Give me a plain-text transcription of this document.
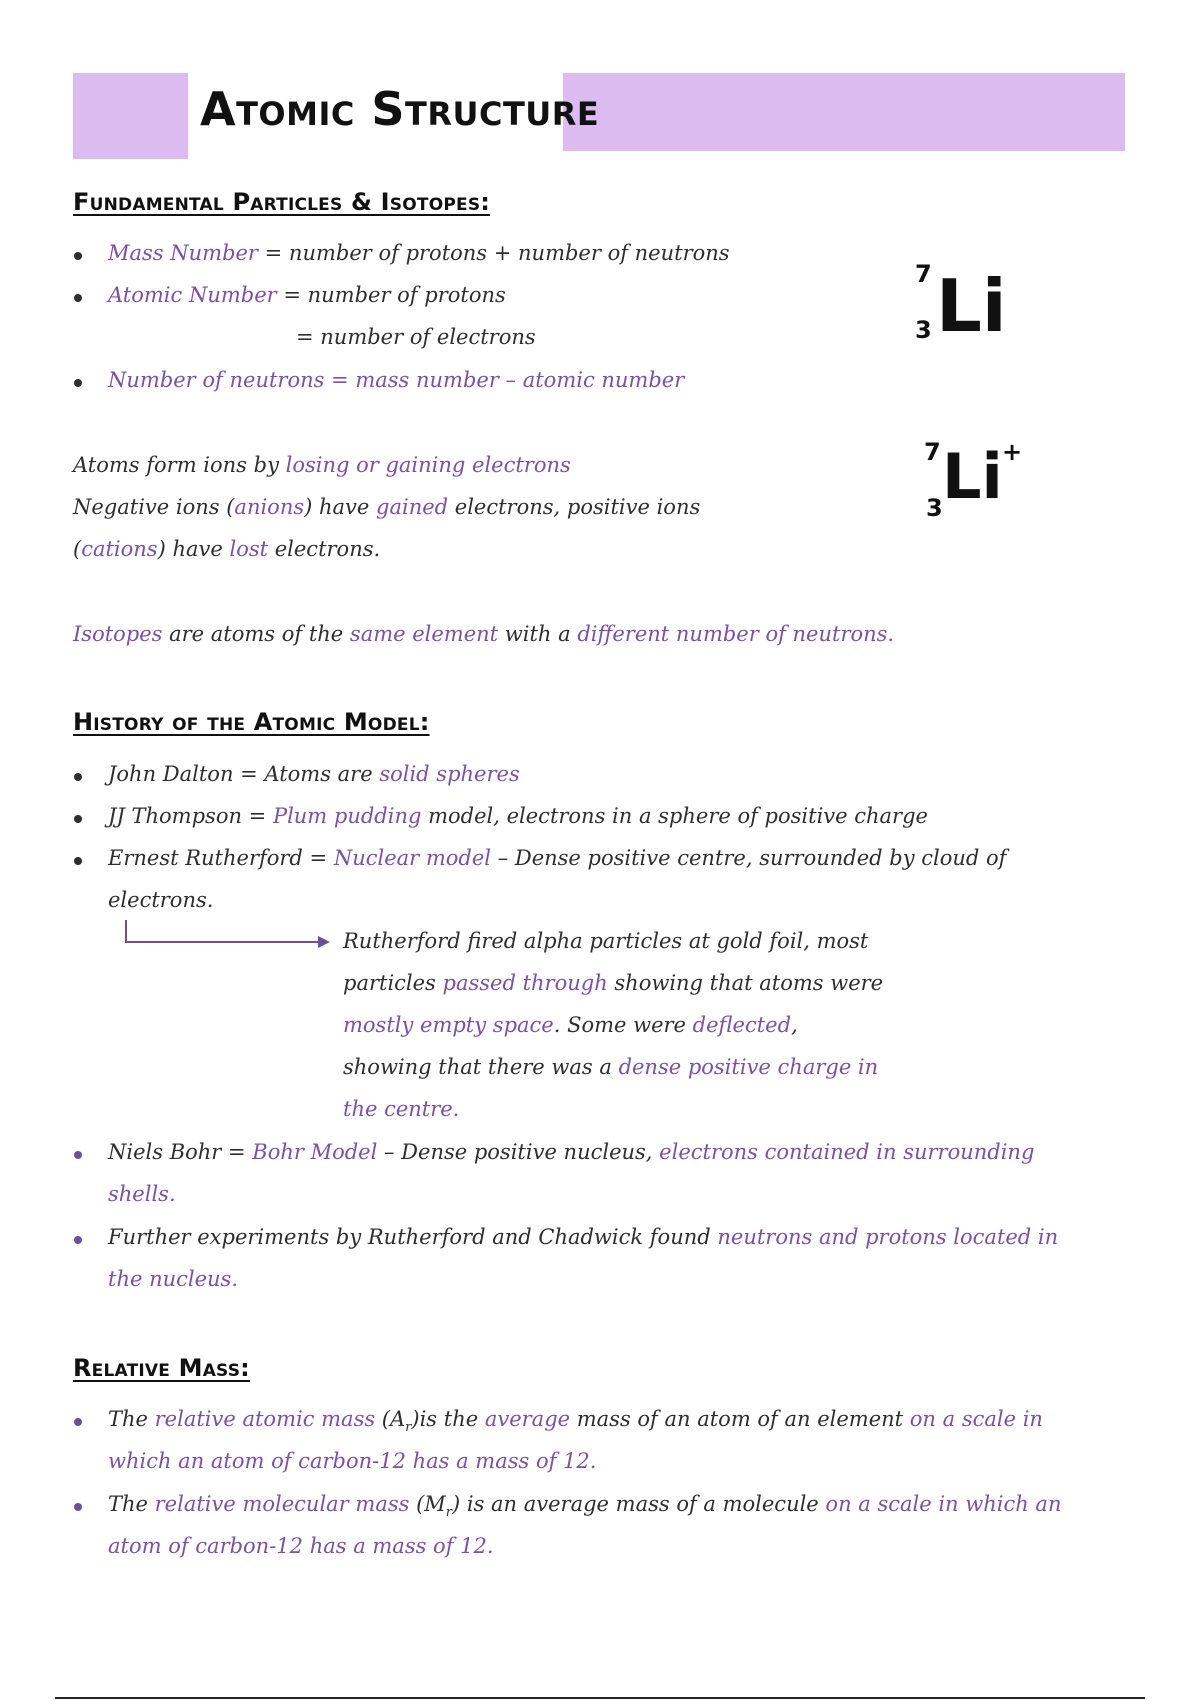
Atomic Structure
Fundamental Particles & Isotopes:
Mass Number = number of protons + number of neutrons
Atomic Number = number of protons
= number of electrons
Number of neutrons = mass number – atomic number
7
3 Li
7
3 Li +
Atoms form ions by losing or gaining electrons
Negative ions (anions) have gained electrons, positive ions
(cations) have lost electrons.
Isotopes are atoms of the same element with a different number of neutrons.
History of the Atomic Model:
John Dalton = Atoms are solid spheres
JJ Thompson = Plum pudding model, electrons in a sphere of positive charge
Ernest Rutherford = Nuclear model – Dense positive centre, surrounded by cloud of
electrons.
Rutherford fired alpha particles at gold foil, most
particles passed through showing that atoms were
mostly empty space. Some were deflected,
showing that there was a dense positive charge in
the centre.
Niels Bohr = Bohr Model – Dense positive nucleus, electrons contained in surrounding
shells.
Further experiments by Rutherford and Chadwick found neutrons and protons located in
the nucleus.
Relative Mass:
The relative atomic mass $(A_r)is$ the average mass of an atom of an element on a scale in
which an atom of carbon-12 has a mass of 12.
The relative molecular mass $(M_r)$ is an average mass of a molecule on a scale in which an
atom of carbon-12 has a mass of 12.
